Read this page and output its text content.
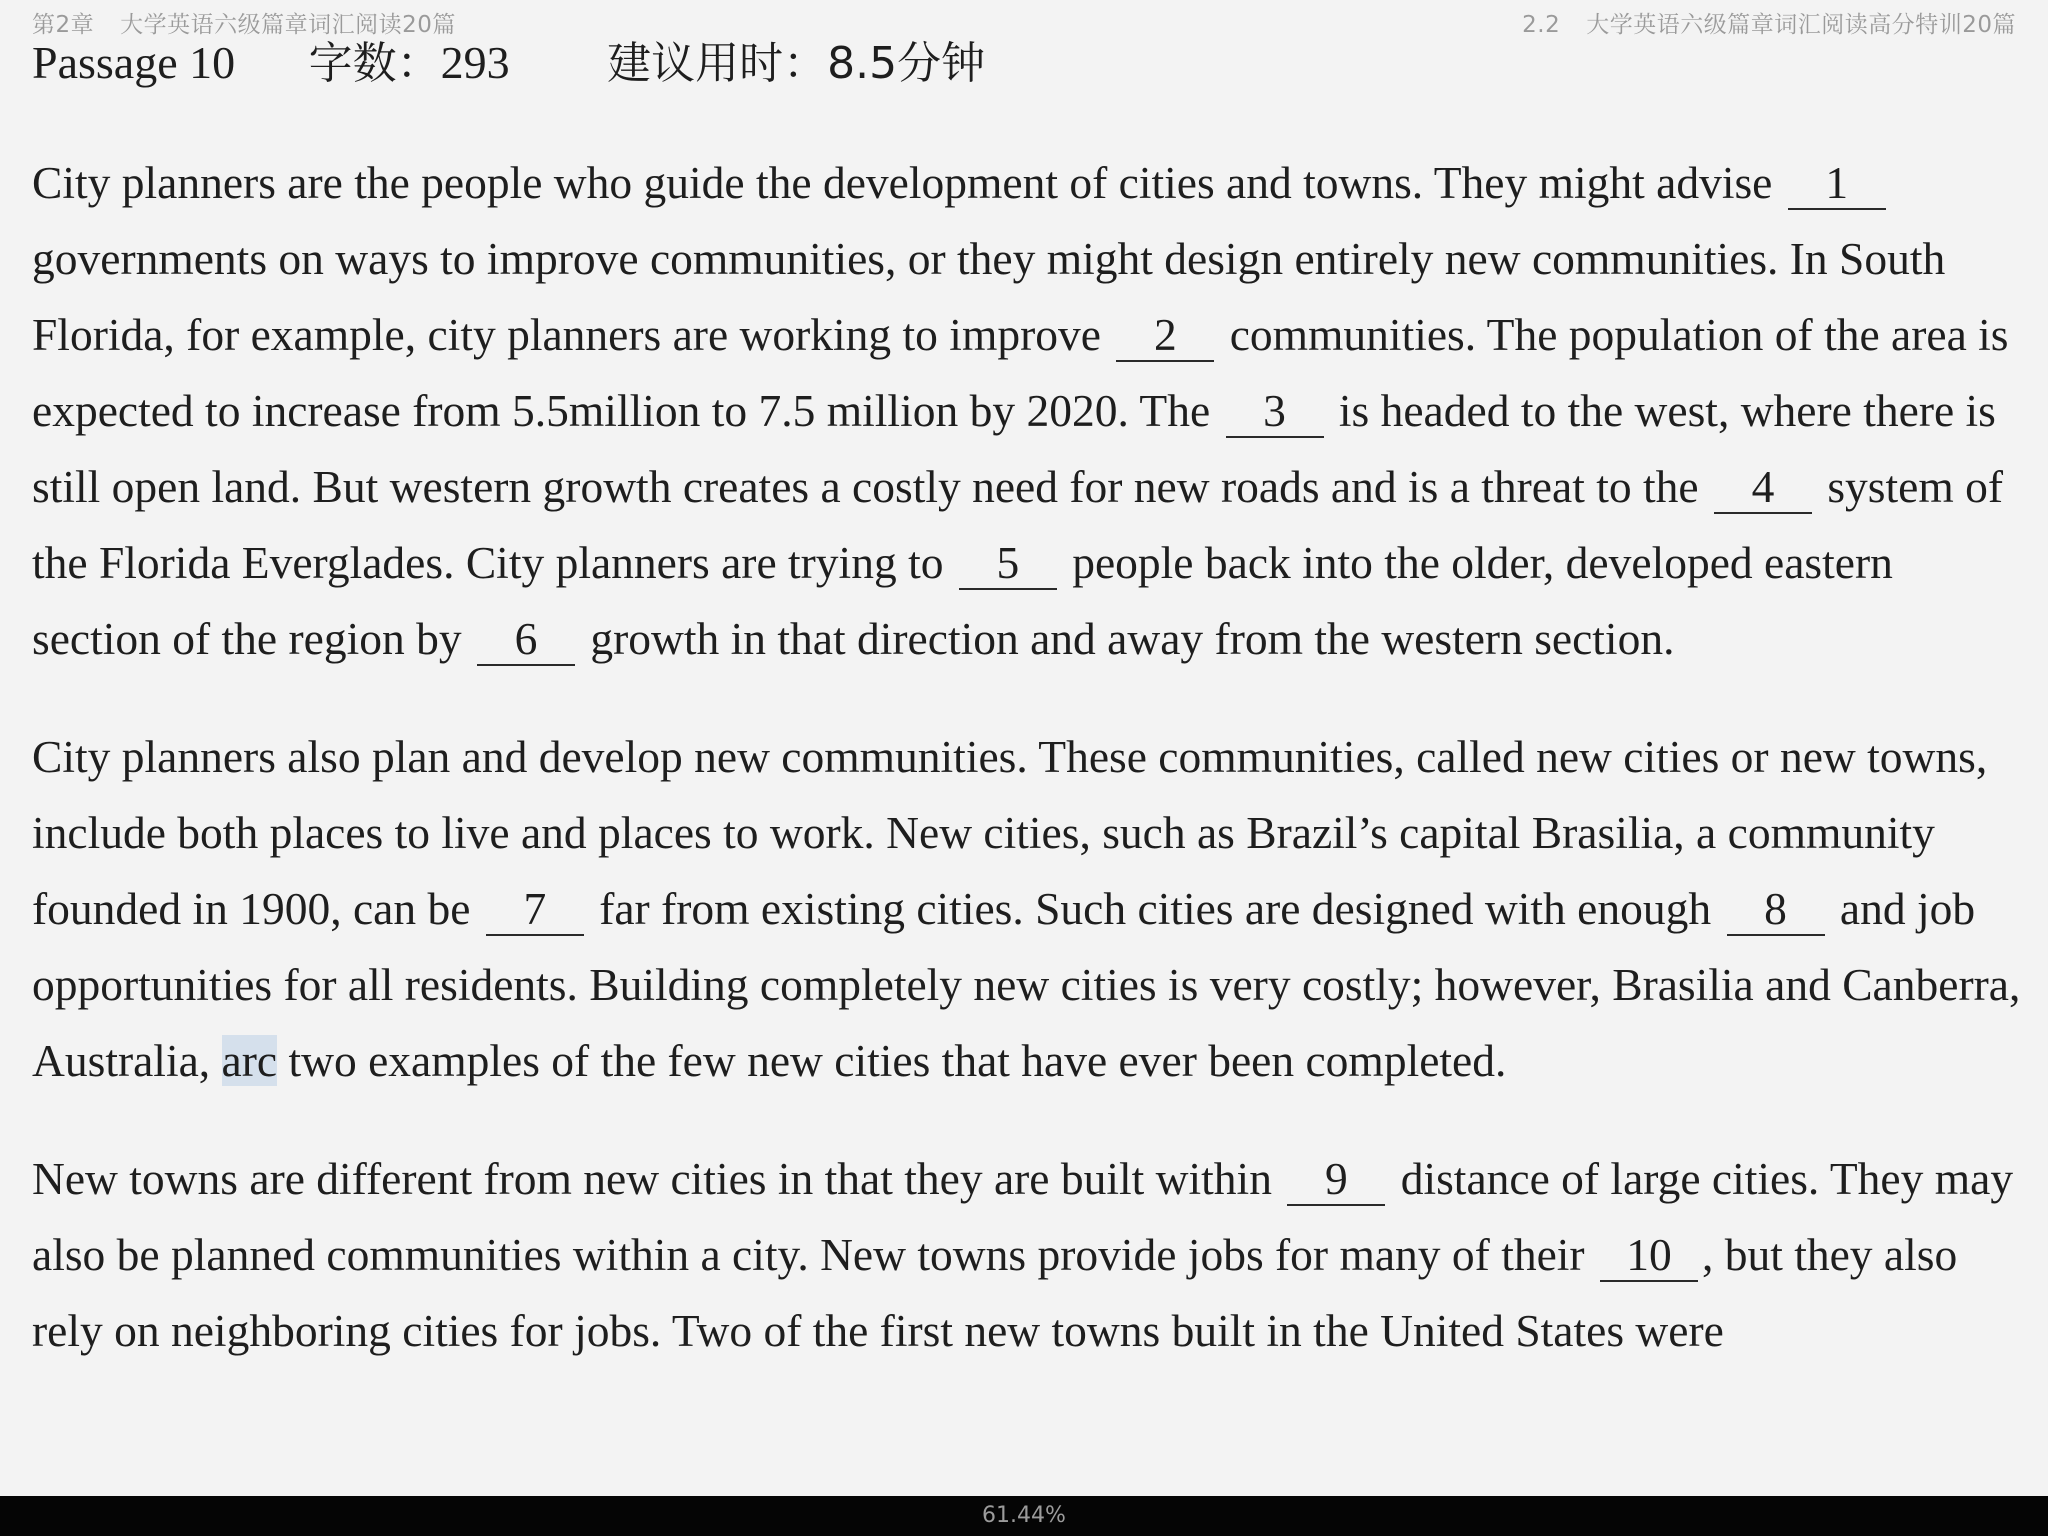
第2章 大学英语六级篇章词汇阅读20篇	2.2 大学英语六级篇章词汇阅读高分特训20篇
Passage 10 字数：293 建议用时：8.5分钟

City planners are the people who guide the development of cities and towns. They might advise 1 governments on ways to improve communities, or they might design entirely new communities. In South Florida, for example, city planners are working to improve 2 communities. The population of the area is expected to increase from 5.5million to 7.5 million by 2020. The 3 is headed to the west, where there is still open land. But western growth creates a costly need for new roads and is a threat to the 4 system of the Florida Everglades. City planners are trying to 5 people back into the older, developed eastern section of the region by 6 growth in that direction and away from the western section.

City planners also plan and develop new communities. These communities, called new cities or new towns, include both places to live and places to work. New cities, such as Brazil’s capital Brasilia, a community founded in 1900, can be 7 far from existing cities. Such cities are designed with enough 8 and job opportunities for all residents. Building completely new cities is very costly; however, Brasilia and Canberra, Australia, arc two examples of the few new cities that have ever been completed.

New towns are different from new cities in that they are built within 9 distance of large cities. They may also be planned communities within a city. New towns provide jobs for many of their 10 , but they also rely on neighboring cities for jobs. Two of the first new towns built in the United States were

61.44%
